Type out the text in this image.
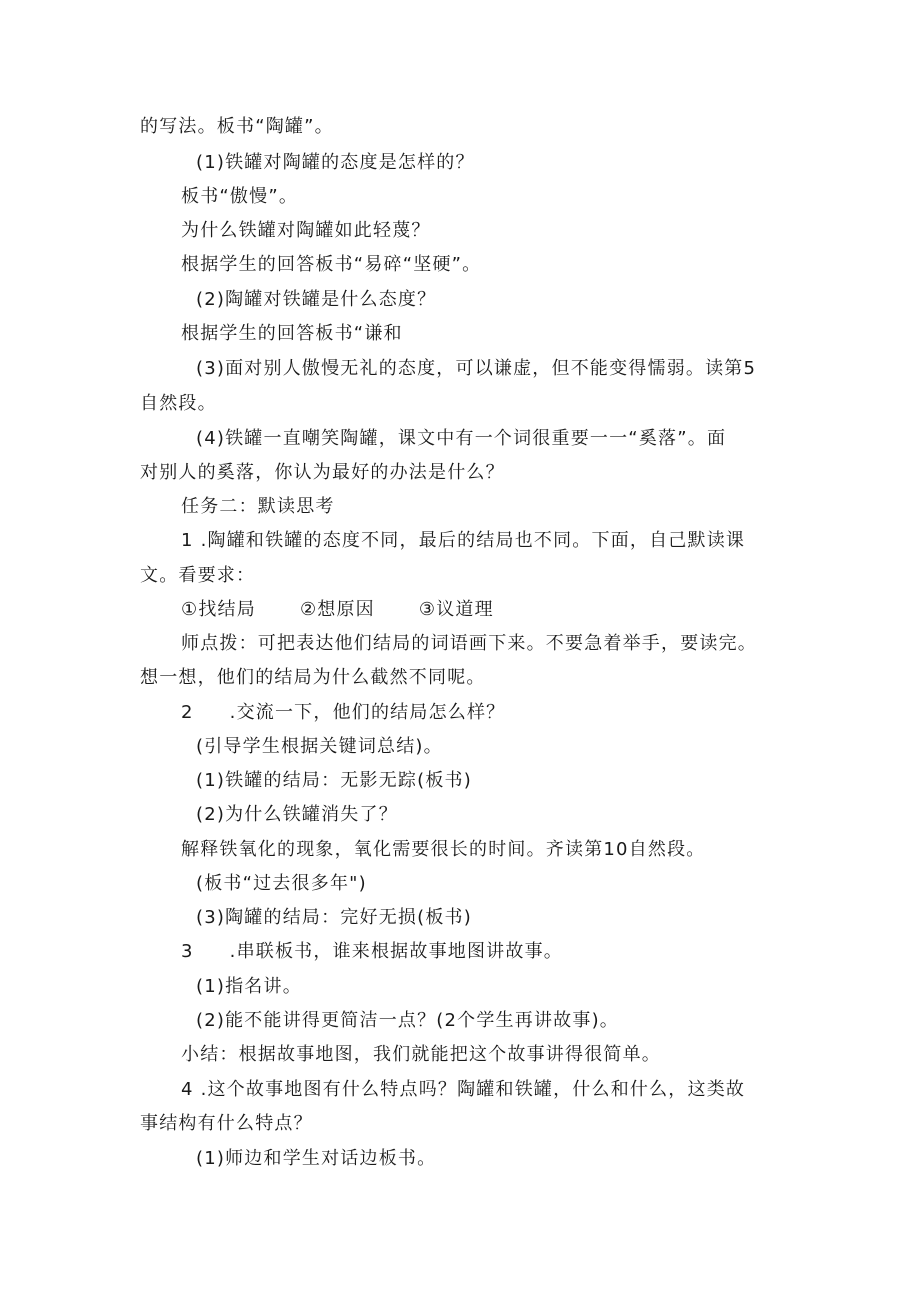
的写法。板书“陶罐”。
(1)铁罐对陶罐的态度是怎样的？
板书“傲慢”。
为什么铁罐对陶罐如此轻蔑？
根据学生的回答板书“易碎“坚硬”。
(2)陶罐对铁罐是什么态度？
根据学生的回答板书“谦和
(3)面对别人傲慢无礼的态度，可以谦虚，但不能变得懦弱。读第5
自然段。
(4)铁罐一直嘲笑陶罐，课文中有一个词很重要一一“奚落”。面
对别人的奚落，你认为最好的办法是什么？
任务二：默读思考
1 .陶罐和铁罐的态度不同，最后的结局也不同。下面，自己默读课
文。看要求：
①找结局 ②想原因 ③议道理
师点拨：可把表达他们结局的词语画下来。不要急着举手，要读完。
想一想，他们的结局为什么截然不同呢。
2 .交流一下，他们的结局怎么样？
(引导学生根据关键词总结)。
(1)铁罐的结局：无影无踪(板书)
(2)为什么铁罐消失了？
解释铁氧化的现象，氧化需要很长的时间。齐读第10自然段。
(板书“过去很多年")
(3)陶罐的结局：完好无损(板书)
3 .串联板书，谁来根据故事地图讲故事。
(1)指名讲。
(2)能不能讲得更简洁一点？(2个学生再讲故事)。
小结：根据故事地图，我们就能把这个故事讲得很简单。
4 .这个故事地图有什么特点吗？陶罐和铁罐，什么和什么，这类故
事结构有什么特点？
(1)师边和学生对话边板书。
